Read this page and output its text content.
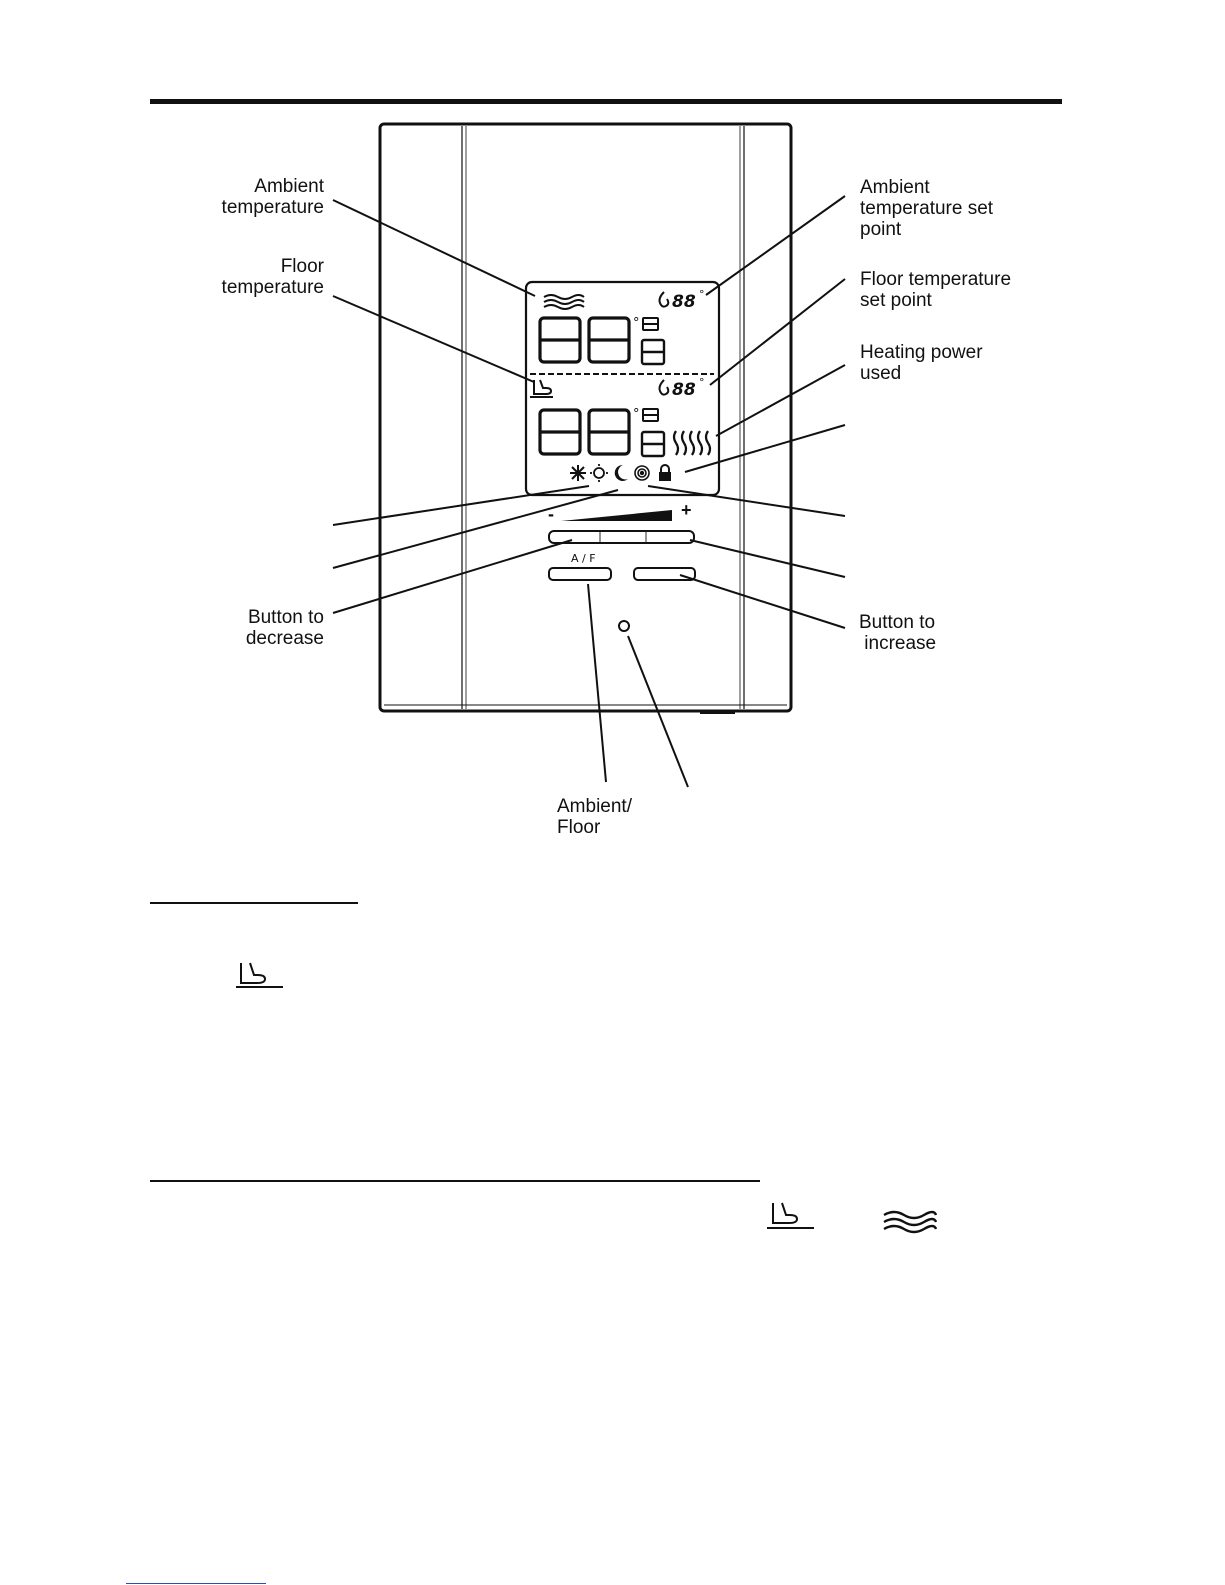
88 °
°
88 °
°
-	+
A / F
Ambient
temperature
Floor
temperature
Ambient
temperature set
point
Floor temperature
set point
Heating power
used
Button to
decrease

Button to
increase

Ambient/
Floor
